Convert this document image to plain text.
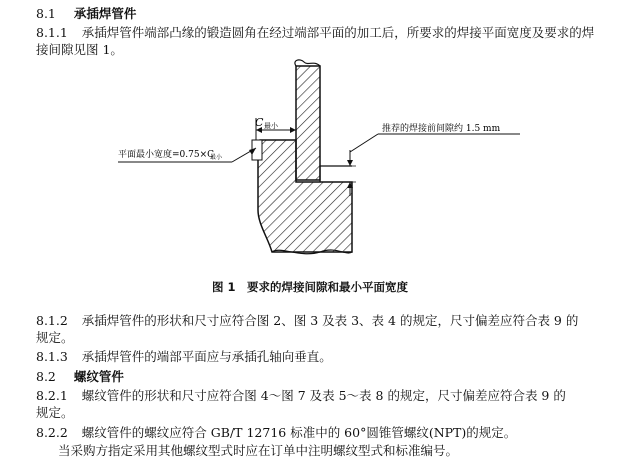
8.1 承插焊管件
8.1.1 承插焊管件端部凸缘的锻造圆角在经过端部平面的加工后，所要求的焊接平面宽度及要求的焊
接间隙见图 1。
C 最小
平面最小宽度=0.75×C
最小
推荐的焊接前间隙约 1.5 mm
图 1　要求的焊接间隙和最小平面宽度
8.1.2 承插焊管件的形状和尺寸应符合图 2、图 3 及表 3、表 4 的规定，尺寸偏差应符合表 9 的
规定。
8.1.3 承插焊管件的端部平面应与承插孔轴向垂直。
8.2 螺纹管件
8.2.1 螺纹管件的形状和尺寸应符合图 4～图 7 及表 5～表 8 的规定，尺寸偏差应符合表 9 的
规定。
8.2.2 螺纹管件的螺纹应符合 GB/T 12716 标准中的 60°圆锥管螺纹(NPT)的规定。
当采购方指定采用其他螺纹型式时应在订单中注明螺纹型式和标准编号。
